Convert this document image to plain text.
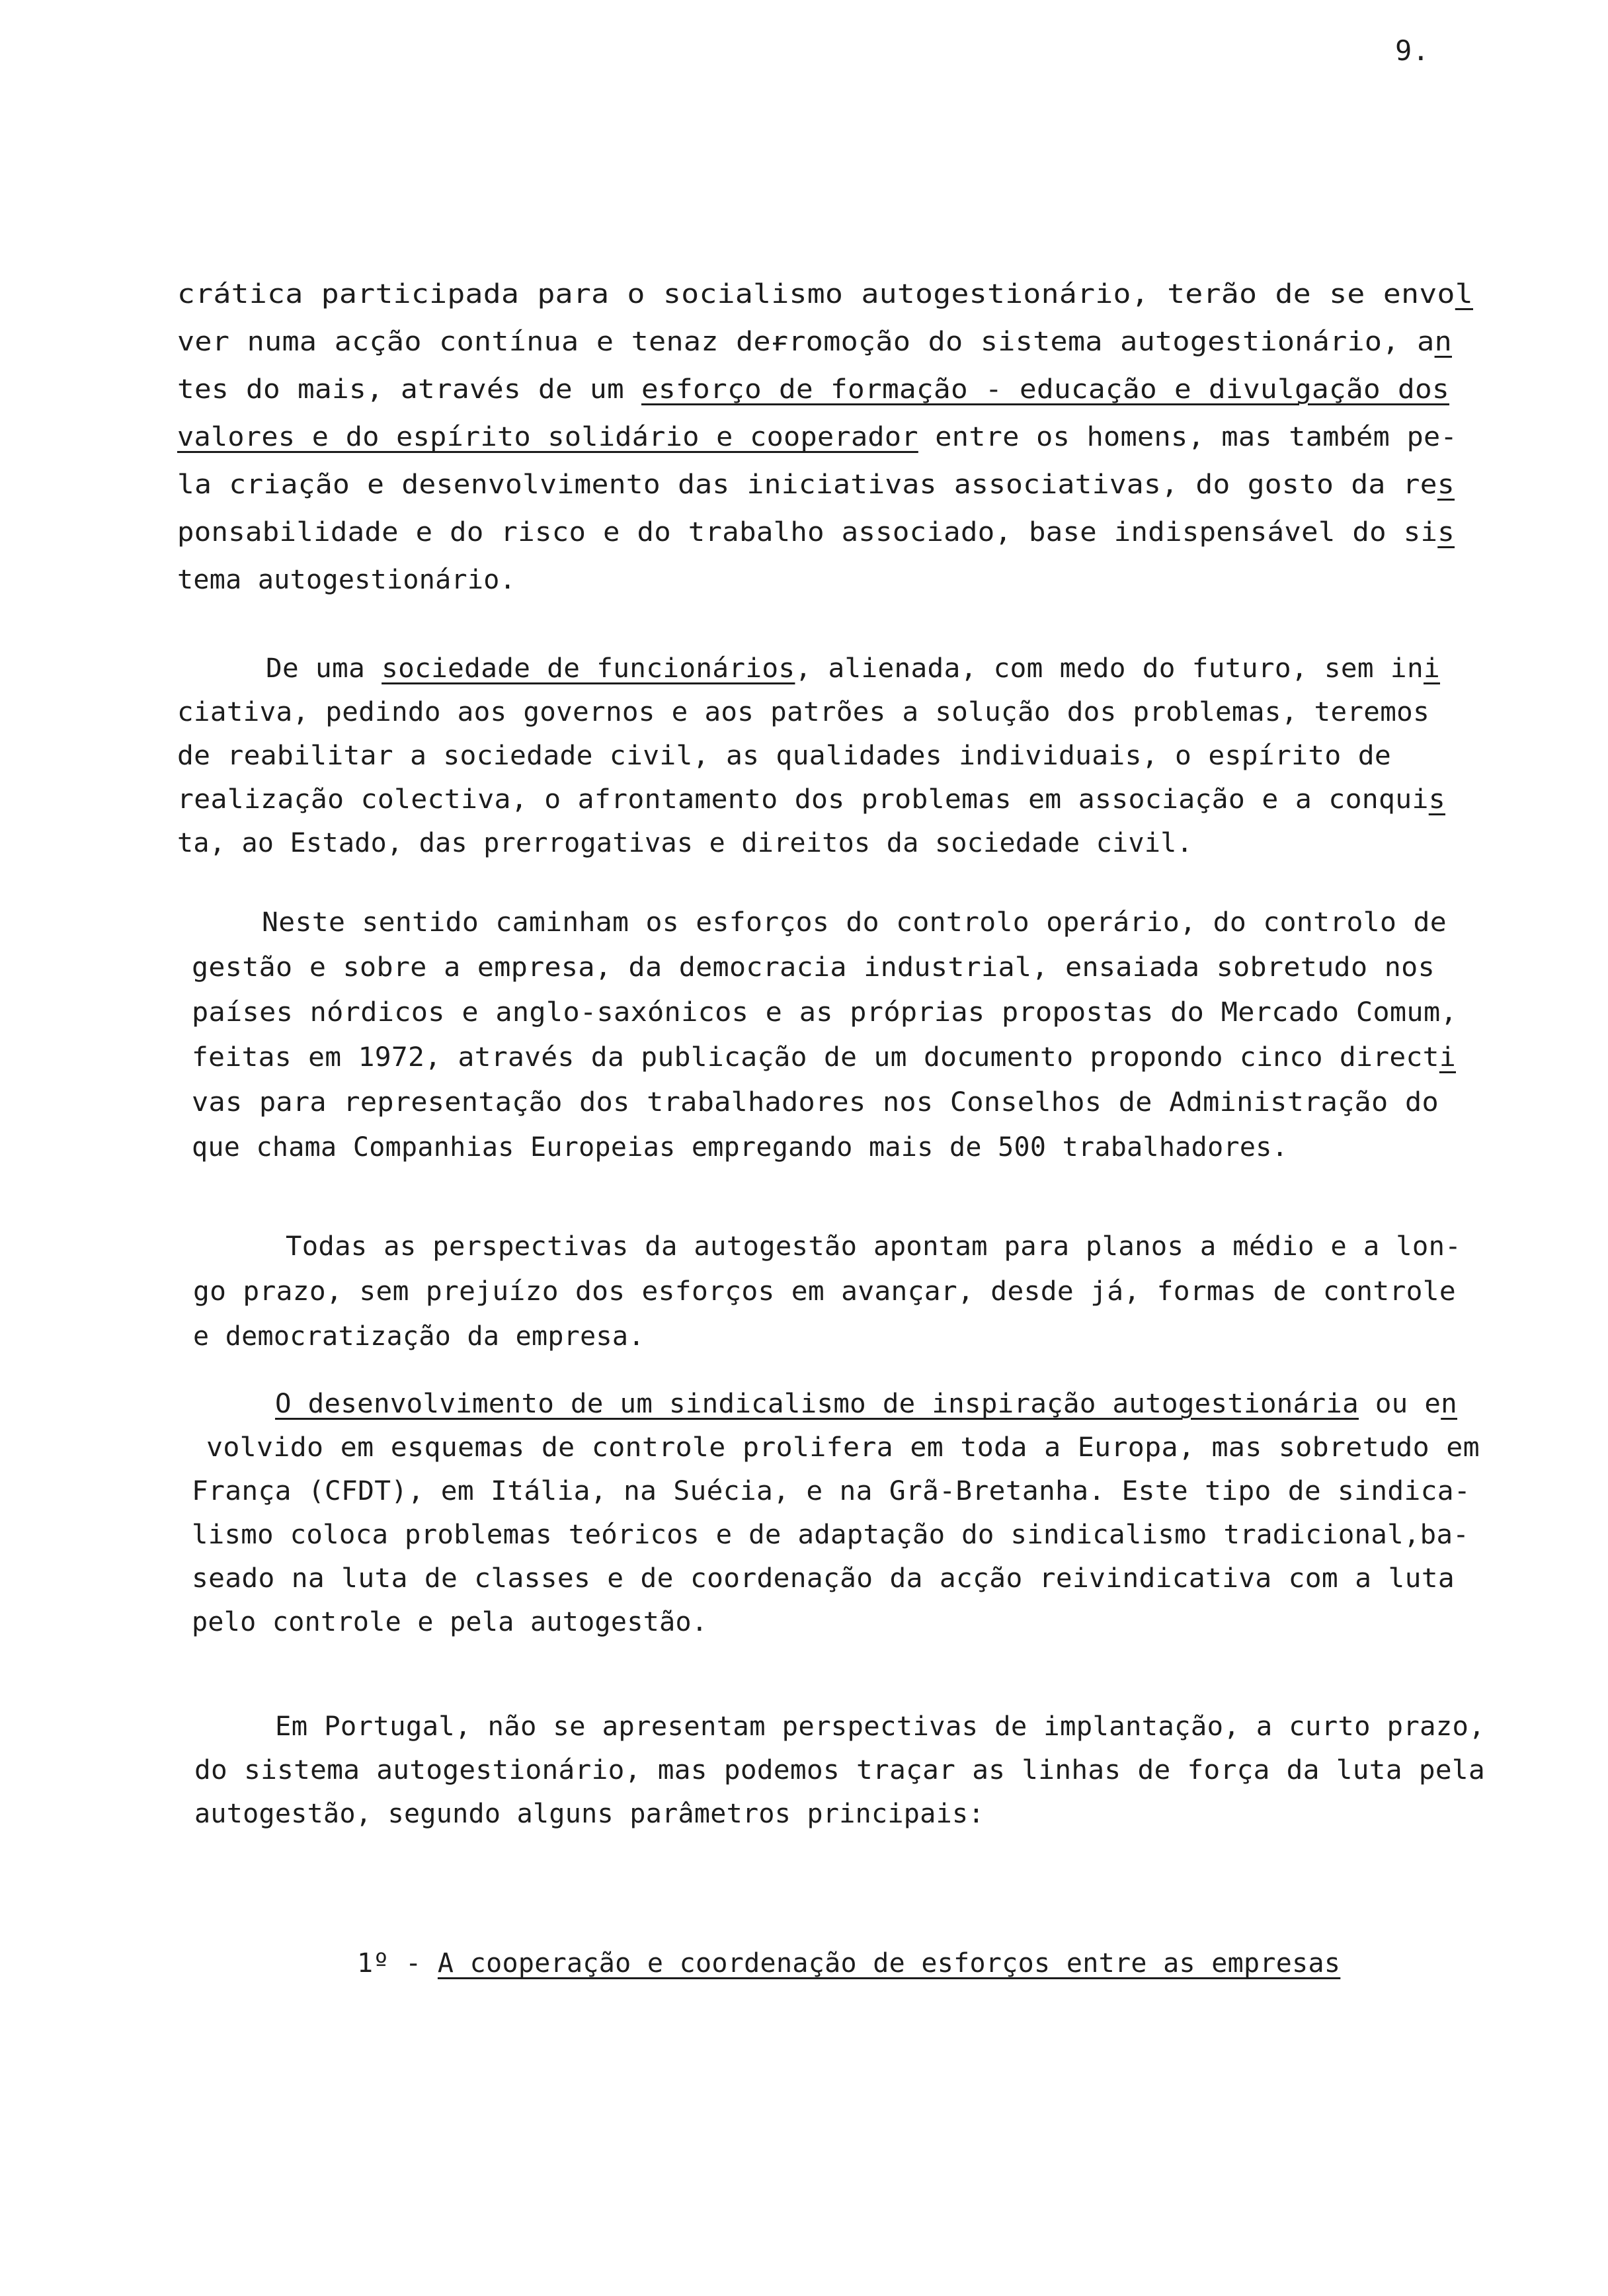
9.
crática participada para o socialismo autogestionário, terão de se envol
ver numa acção contínua e tenaz deɍromoção do sistema autogestionário, an
tes do mais, através de um esforço de formação - educação e divulgação dos
valores e do espírito solidário e cooperador entre os homens, mas também pe-
la criação e desenvolvimento das iniciativas associativas, do gosto da res
ponsabilidade e do risco e do trabalho associado, base indispensável do sis
tema autogestionário.
De uma sociedade de funcionários, alienada, com medo do futuro, sem ini
ciativa, pedindo aos governos e aos patrões a solução dos problemas, teremos
de reabilitar a sociedade civil, as qualidades individuais, o espírito de
realização colectiva, o afrontamento dos problemas em associação e a conquis
ta, ao Estado, das prerrogativas e direitos da sociedade civil.
Neste sentido caminham os esforços do controlo operário, do controlo de
gestão e sobre a empresa, da democracia industrial, ensaiada sobretudo nos
países nórdicos e anglo-saxónicos e as próprias propostas do Mercado Comum,
feitas em 1972, através da publicação de um documento propondo cinco directi
vas para representação dos trabalhadores nos Conselhos de Administração do
que chama Companhias Europeias empregando mais de 500 trabalhadores.
Todas as perspectivas da autogestão apontam para planos a médio e a lon-
go prazo, sem prejuízo dos esforços em avançar, desde já, formas de controle
e democratização da empresa.
O desenvolvimento de um sindicalismo de inspiração autogestionária ou en
volvido em esquemas de controle prolifera em toda a Europa, mas sobretudo em
França (CFDT), em Itália, na Suécia, e na Grã-Bretanha. Este tipo de sindica-
lismo coloca problemas teóricos e de adaptação do sindicalismo tradicional,ba-
seado na luta de classes e de coordenação da acção reivindicativa com a luta
pelo controle e pela autogestão.
Em Portugal, não se apresentam perspectivas de implantação, a curto prazo,
do sistema autogestionário, mas podemos traçar as linhas de força da luta pela
autogestão, segundo alguns parâmetros principais:
1º - A cooperação e coordenação de esforços entre as empresas
